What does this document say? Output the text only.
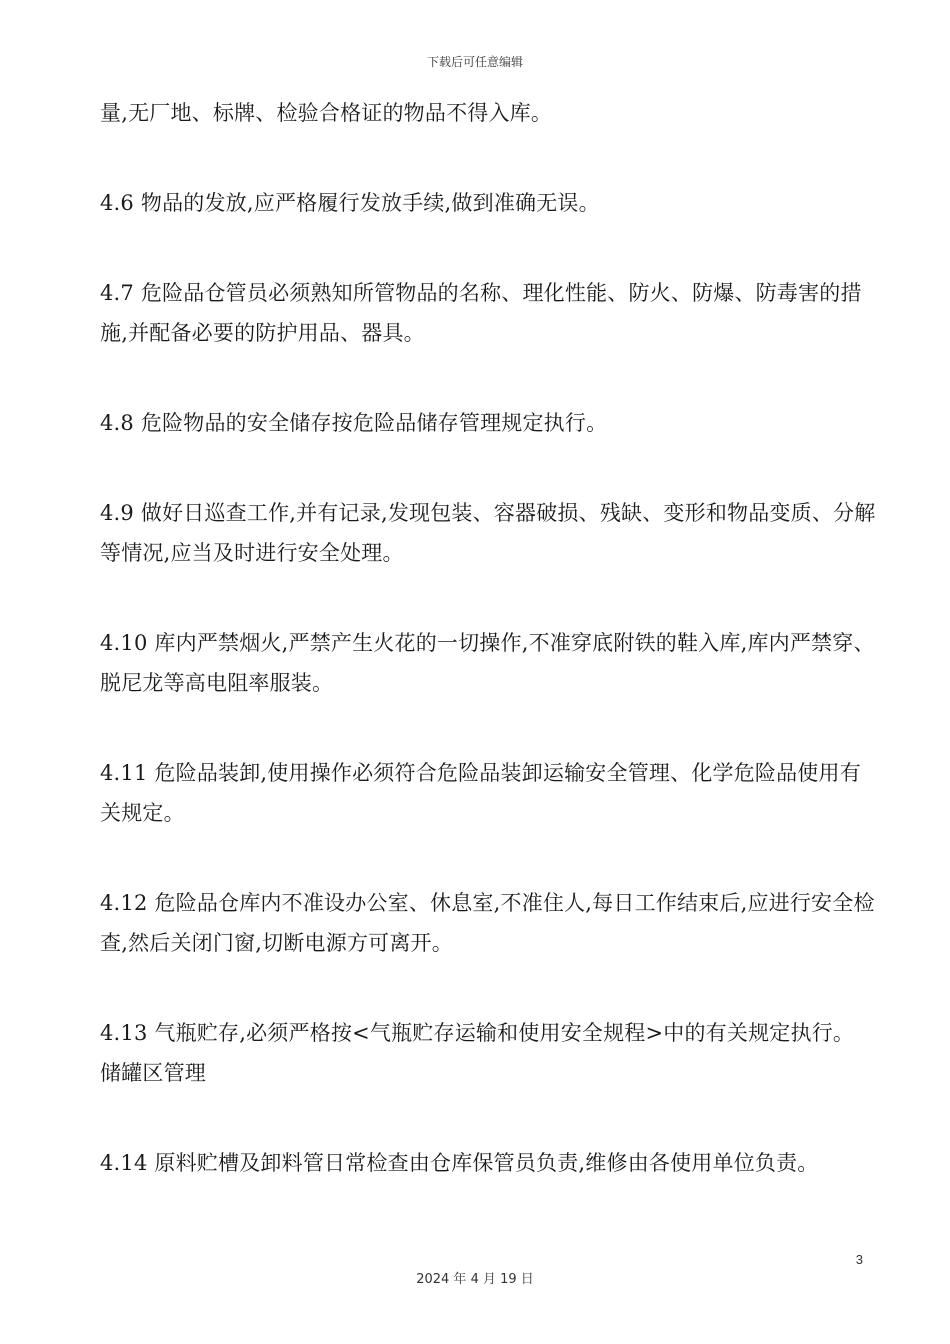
下载后可任意编辑

量,无厂地、标牌、检验合格证的物品不得入库。

4.6 物品的发放,应严格履行发放手续,做到准确无误。

4.7 危险品仓管员必须熟知所管物品的名称、理化性能、防火、防爆、防毒害的措施,并配备必要的防护用品、器具。

4.8 危险物品的安全储存按危险品储存管理规定执行。

4.9 做好日巡查工作,并有记录,发现包装、容器破损、残缺、变形和物品变质、分解等情况,应当及时进行安全处理。

4.10 库内严禁烟火,严禁产生火花的一切操作,不准穿底附铁的鞋入库,库内严禁穿、脱尼龙等高电阻率服装。

4.11 危险品装卸,使用操作必须符合危险品装卸运输安全管理、化学危险品使用有关规定。

4.12 危险品仓库内不准设办公室、休息室,不准住人,每日工作结束后,应进行安全检查,然后关闭门窗,切断电源方可离开。

4.13 气瓶贮存,必须严格按<气瓶贮存运输和使用安全规程>中的有关规定执行。

储罐区管理

4.14 原料贮槽及卸料管日常检查由仓库保管员负责,维修由各使用单位负责。

3
2024 年 4 月 19 日
